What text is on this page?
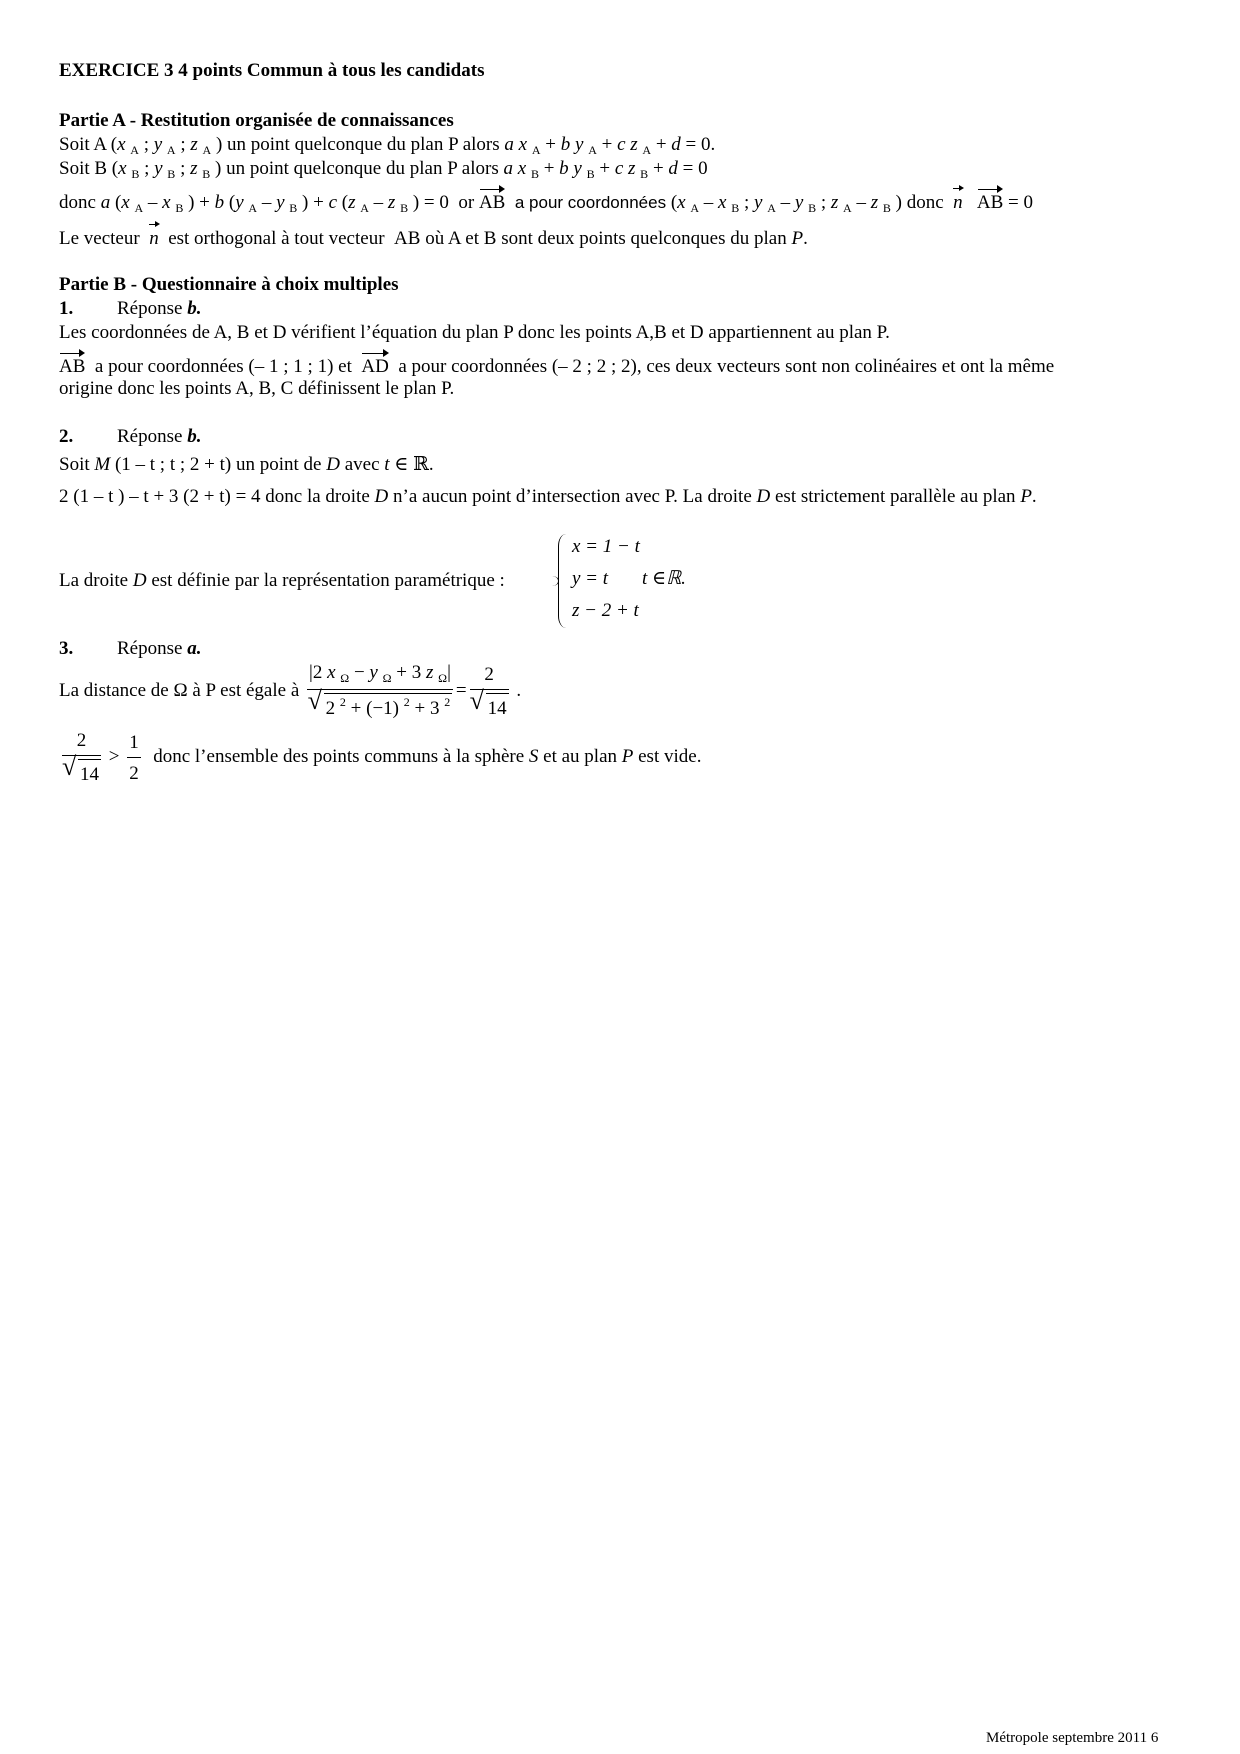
EXERCICE 3 4 points Commun à tous les candidats
Partie A - Restitution organisée de connaissances
Soit A (x $_A$ ; y $_A$ ; z $_A$ ) un point quelconque du plan P alors a x $_A$ + b y $_A$ + c z $_A$ + d = 0.
Soit B (x $_B$ ; y $_B$ ; z $_B$ ) un point quelconque du plan P alors a x $_B$ + b y $_B$ + c z $_B$ + d = 0
donc a (x $_A$ – x $_B$ ) + b (y $_A$ – y $_B$ ) + c (z $_A$ – z $_B$ ) = 0  or AB a pour coordonnées (x $_A$ – x $_B$ ; y $_A$ – y $_B$ ; z $_A$ – z $_B$ ) donc n AB = 0
Le vecteur n est orthogonal à tout vecteur AB où A et B sont deux points quelconques du plan P.
Partie B - Questionnaire à choix multiples
1. Réponse b.
Les coordonnées de A, B et D vérifient l’équation du plan P donc les points A,B et D appartiennent au plan P.
AB a pour coordonnées (– 1 ; 1 ; 1) et AD a pour coordonnées (– 2 ; 2 ; 2), ces deux vecteurs sont non colinéaires et ont la même
origine donc les points A, B, C définissent le plan P.
2. Réponse b.
Soit M (1 – t ; t ; 2 + t) un point de D avec t ∈ ℝ.
2 (1 – t ) – t + 3 (2 + t) = 4 donc la droite D n’a aucun point d’intersection avec P. La droite D est strictement parallèle au plan P.
La droite D est définie par la représentation paramétrique :
x = 1 − t
y = t
z − 2 + t
t ∈ℝ.
3. Réponse a.
La distance de Ω à P est égale à $\frac{|2 x _\Omega - y _\Omega + 3 z _\Omega|}{√ 2 ^2 + (-1) ^2 + 3 ^2} = \frac{2}{√ 14}$ .
$\frac{2}{√ 14} > \frac{1}{2}$ donc l’ensemble des points communs à la sphère S et au plan P est vide.
Métropole septembre 2011 6
